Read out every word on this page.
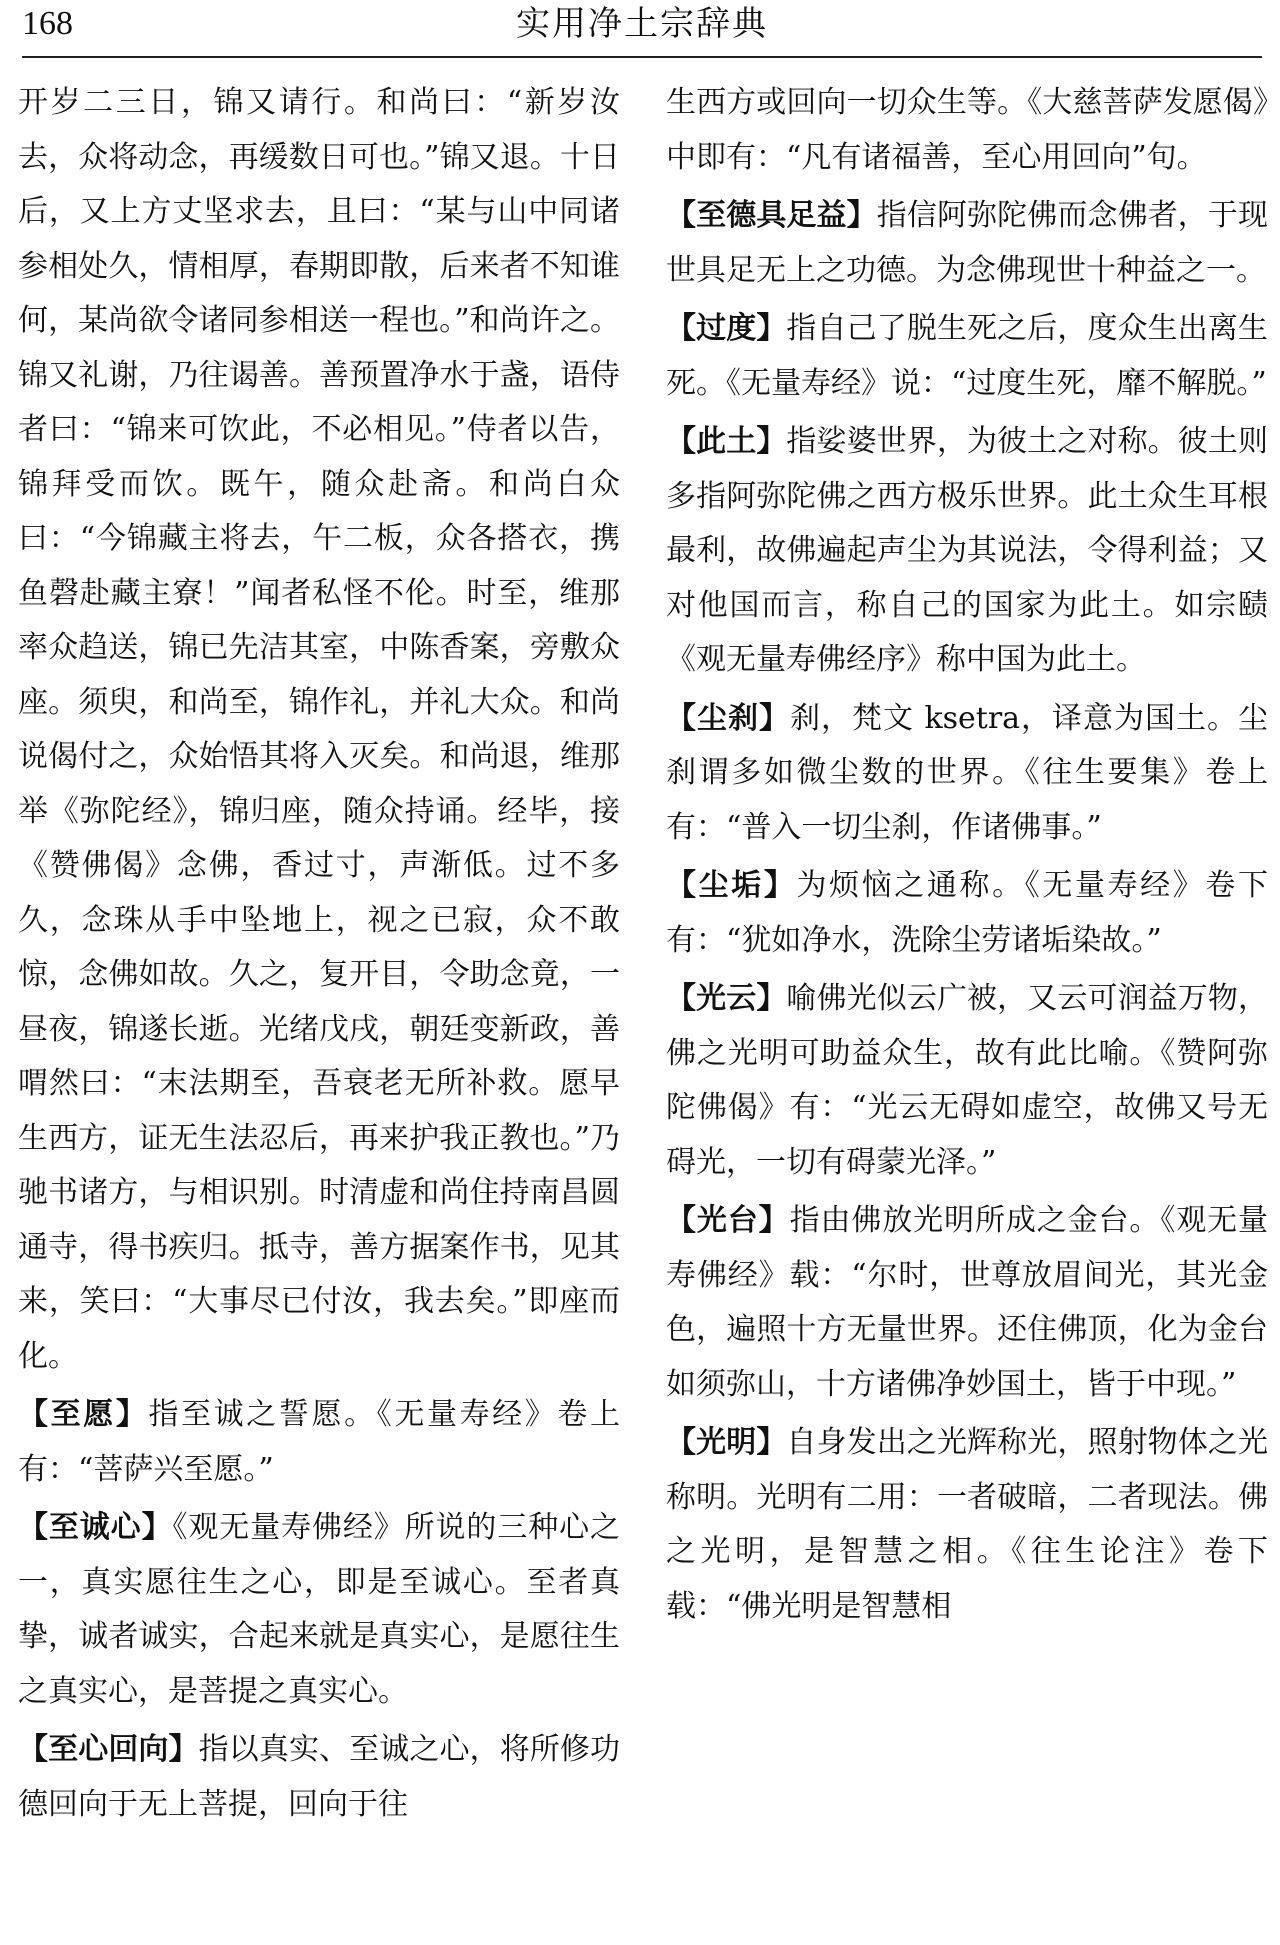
168	实用净土宗辞典

开岁二三日，锦又请行。和尚曰：“新岁汝去，众将动念，再缓数日可也。”锦又退。十日后，又上方丈坚求去，且曰：“某与山中同诸参相处久，情相厚，春期即散，后来者不知谁何，某尚欲令诸同参相送一程也。”和尚许之。锦又礼谢，乃往谒善。善预置净水于盏，语侍者曰：“锦来可饮此，不必相见。”侍者以告，锦拜受而饮。既午，随众赴斋。和尚白众曰：“今锦藏主将去，午二板，众各搭衣，携鱼磬赴藏主寮！”闻者私怪不伦。时至，维那率众趋送，锦已先洁其室，中陈香案，旁敷众座。须臾，和尚至，锦作礼，并礼大众。和尚说偈付之，众始悟其将入灭矣。和尚退，维那举《弥陀经》，锦归座，随众持诵。经毕，接《赞佛偈》念佛，香过寸，声渐低。过不多久，念珠从手中坠地上，视之已寂，众不敢惊，念佛如故。久之，复开目，令助念竟，一昼夜，锦遂长逝。光绪戊戌，朝廷变新政，善喟然曰：“末法期至，吾衰老无所补救。愿早生西方，证无生法忍后，再来护我正教也。”乃驰书诸方，与相识别。时清虚和尚住持南昌圆通寺，得书疾归。抵寺，善方据案作书，见其来，笑曰：“大事尽已付汝，我去矣。”即座而化。

【至愿】指至诚之誓愿。《无量寿经》卷上有：“菩萨兴至愿。”

【至诚心】《观无量寿佛经》所说的三种心之一，真实愿往生之心，即是至诚心。至者真挚，诚者诚实，合起来就是真实心，是愿往生之真实心，是菩提之真实心。

【至心回向】指以真实、至诚之心，将所修功德回向于无上菩提，回向于往

生西方或回向一切众生等。《大慈菩萨发愿偈》中即有：“凡有诸福善，至心用回向”句。

【至德具足益】指信阿弥陀佛而念佛者，于现世具足无上之功德。为念佛现世十种益之一。

【过度】指自己了脱生死之后，度众生出离生死。《无量寿经》说：“过度生死，靡不解脱。”

【此土】指娑婆世界，为彼土之对称。彼土则多指阿弥陀佛之西方极乐世界。此土众生耳根最利，故佛遍起声尘为其说法，令得利益；又对他国而言，称自己的国家为此土。如宗赜《观无量寿佛经序》称中国为此土。

【尘刹】刹，梵文 ksetra，译意为国土。尘刹谓多如微尘数的世界。《往生要集》卷上有：“普入一切尘刹，作诸佛事。”

【尘垢】为烦恼之通称。《无量寿经》卷下有：“犹如净水，洗除尘劳诸垢染故。”

【光云】喻佛光似云广被，又云可润益万物，佛之光明可助益众生，故有此比喻。《赞阿弥陀佛偈》有：“光云无碍如虚空，故佛又号无碍光，一切有碍蒙光泽。”

【光台】指由佛放光明所成之金台。《观无量寿佛经》载：“尔时，世尊放眉间光，其光金色，遍照十方无量世界。还住佛顶，化为金台如须弥山，十方诸佛净妙国土，皆于中现。”

【光明】自身发出之光辉称光，照射物体之光称明。光明有二用：一者破暗，二者现法。佛之光明，是智慧之相。《往生论注》卷下载：“佛光明是智慧相
